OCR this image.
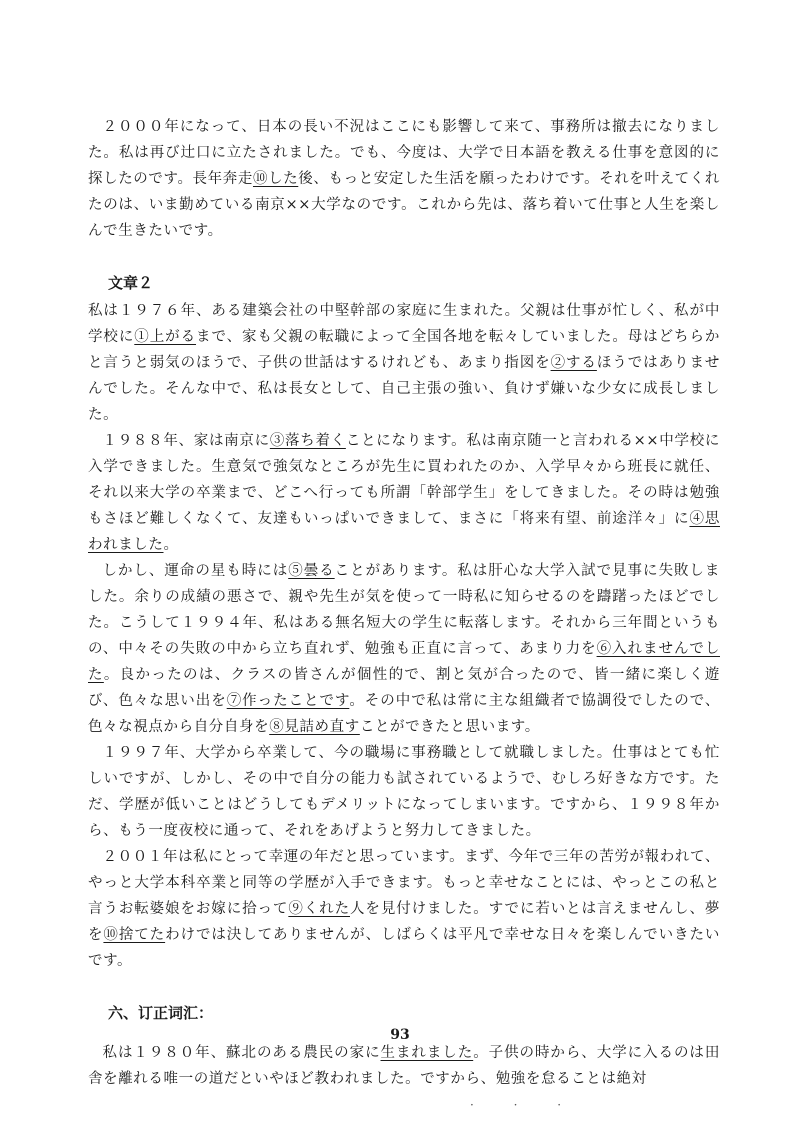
２０００年になって、日本の長い不況はここにも影響して来て、事務所は撤去になりました。私は再び辻口に立たされました。でも、今度は、大学で日本語を教える仕事を意図的に探したのです。長年奔走⑩した後、もっと安定した生活を願ったわけです。それを叶えてくれたのは、いま勤めている南京××大学なのです。これから先は、落ち着いて仕事と人生を楽しんで生きたいです。

文章２

私は１９７６年、ある建築会社の中堅幹部の家庭に生まれた。父親は仕事が忙しく、私が中学校に①上がるまで、家も父親の転職によって全国各地を転々していました。母はどちらかと言うと弱気のほうで、子供の世話はするけれども、あまり指図を②するほうではありませんでした。そんな中で、私は長女として、自己主張の強い、負けず嫌いな少女に成長しました。

１９８８年、家は南京に③落ち着くことになります。私は南京随一と言われる××中学校に入学できました。生意気で強気なところが先生に買われたのか、入学早々から班長に就任、それ以来大学の卒業まで、どこへ行っても所謂「幹部学生」をしてきました。その時は勉強もさほど難しくなくて、友達もいっぱいできまして、まさに「将来有望、前途洋々」に④思われました。

しかし、運命の星も時には⑤曇ることがあります。私は肝心な大学入試で見事に失敗しました。余りの成績の悪さで、親や先生が気を使って一時私に知らせるのを躊躇ったほどでした。こうして１９９４年、私はある無名短大の学生に転落します。それから三年間というもの、中々その失敗の中から立ち直れず、勉強も正直に言って、あまり力を⑥入れませんでした。良かったのは、クラスの皆さんが個性的で、割と気が合ったので、皆一緒に楽しく遊び、色々な思い出を⑦作ったことです。その中で私は常に主な組織者で協調役でしたので、色々な視点から自分自身を⑧見詰め直すことができたと思います。

１９９７年、大学から卒業して、今の職場に事務職として就職しました。仕事はとても忙しいですが、しかし、その中で自分の能力も試されているようで、むしろ好きな方です。ただ、学歴が低いことはどうしてもデメリットになってしまいます。ですから、１９９８年から、もう一度夜校に通って、それをあげようと努力してきました。

２００１年は私にとって幸運の年だと思っています。まず、今年で三年の苦労が報われて、やっと大学本科卒業と同等の学歴が入手できます。もっと幸せなことには、やっとこの私と言うお転婆娘をお嫁に拾って⑨くれた人を見付けました。すでに若いとは言えませんし、夢を⑩捨てたわけでは決してありませんが、しばらくは平凡で幸せな日々を楽しんでいきたいです。

六、订正词汇：

私は１９８０年、蘇北のある農民の家に生まれました。子供の時から、大学に入るのは田舎を離れる唯一の道だといやほど教われました。ですから、勉強を怠ることは絶対

93
· · ·
